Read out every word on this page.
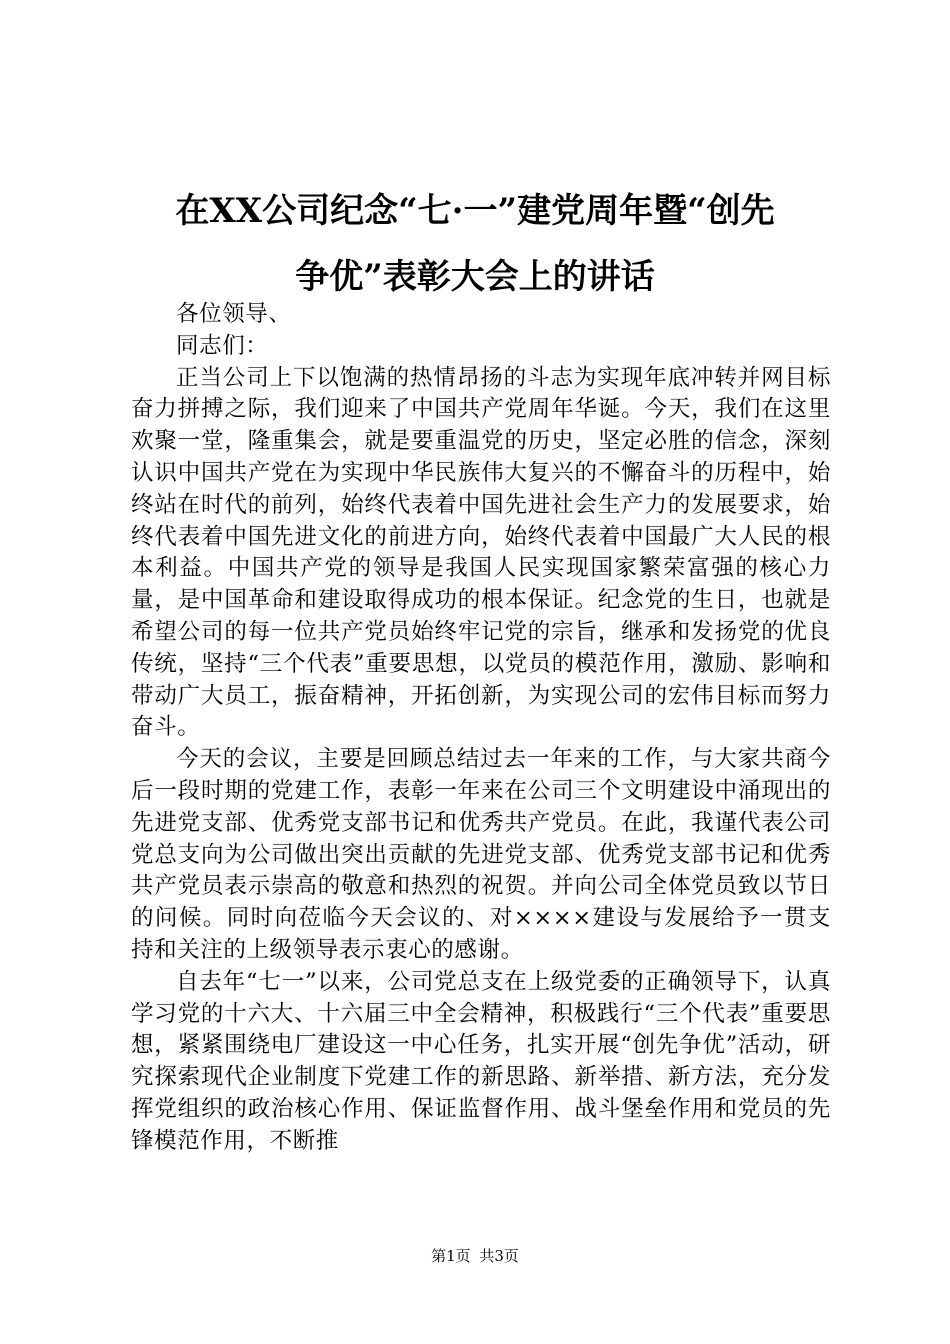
在XX公司纪念“七·一”建党周年暨“创先
争优”表彰大会上的讲话

各位领导、

同志们：

正当公司上下以饱满的热情昂扬的斗志为实现年底冲转并网目标奋力拼搏之际，我们迎来了中国共产党周年华诞。今天，我们在这里欢聚一堂，隆重集会，就是要重温党的历史，坚定必胜的信念，深刻认识中国共产党在为实现中华民族伟大复兴的不懈奋斗的历程中，始终站在时代的前列，始终代表着中国先进社会生产力的发展要求，始终代表着中国先进文化的前进方向，始终代表着中国最广大人民的根本利益。中国共产党的领导是我国人民实现国家繁荣富强的核心力量，是中国革命和建设取得成功的根本保证。纪念党的生日，也就是希望公司的每一位共产党员始终牢记党的宗旨，继承和发扬党的优良传统，坚持“三个代表”重要思想，以党员的模范作用，激励、影响和带动广大员工，振奋精神，开拓创新，为实现公司的宏伟目标而努力奋斗。

今天的会议，主要是回顾总结过去一年来的工作，与大家共商今后一段时期的党建工作，表彰一年来在公司三个文明建设中涌现出的先进党支部、优秀党支部书记和优秀共产党员。在此，我谨代表公司党总支向为公司做出突出贡献的先进党支部、优秀党支部书记和优秀共产党员表示崇高的敬意和热烈的祝贺。并向公司全体党员致以节日的问候。同时向莅临今天会议的、对××××建设与发展给予一贯支持和关注的上级领导表示衷心的感谢。

自去年“七一”以来，公司党总支在上级党委的正确领导下，认真学习党的十六大、十六届三中全会精神，积极践行“三个代表”重要思想，紧紧围绕电厂建设这一中心任务，扎实开展“创先争优”活动，研究探索现代企业制度下党建工作的新思路、新举措、新方法，充分发挥党组织的政治核心作用、保证监督作用、战斗堡垒作用和党员的先锋模范作用，不断推

第1页 共3页
